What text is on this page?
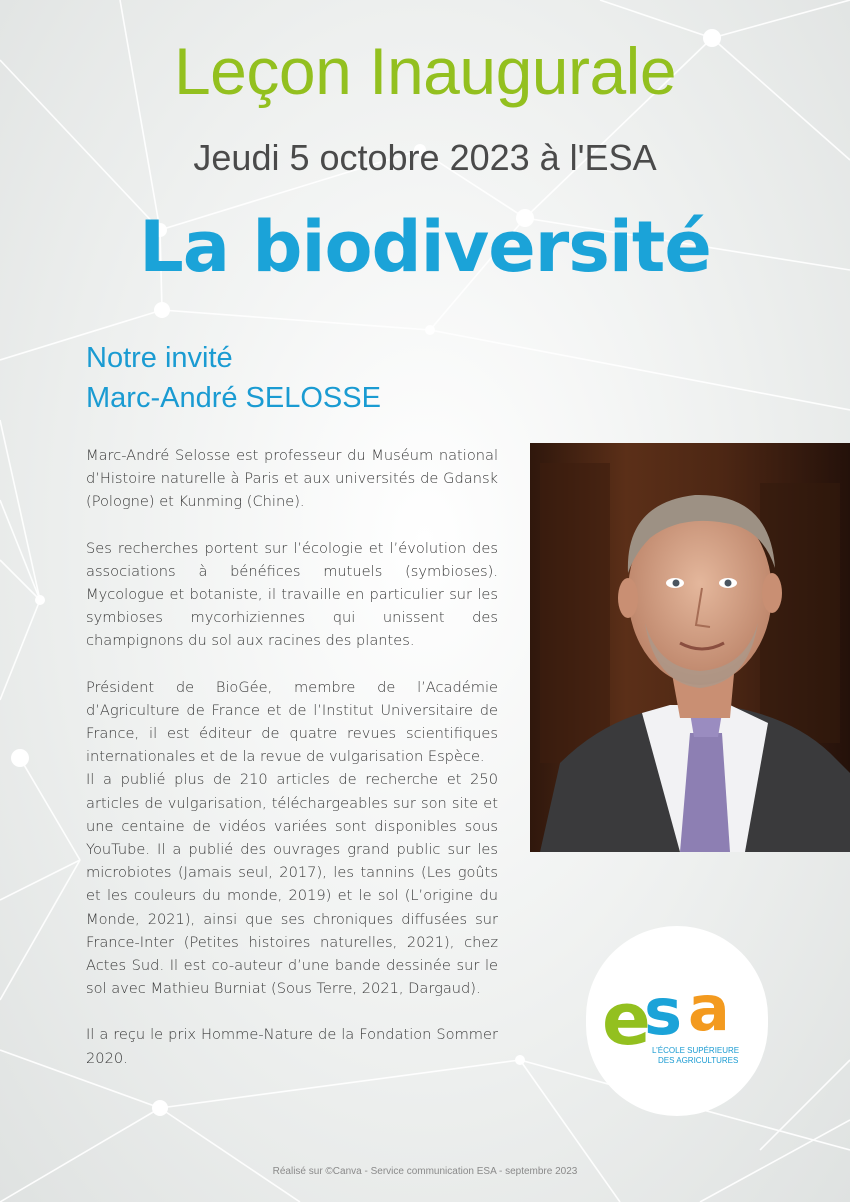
Leçon Inaugurale
Jeudi 5 octobre 2023 à l'ESA
La biodiversité
Notre invité
Marc-André SELOSSE

Marc-André Selosse est professeur du Muséum national d’Histoire naturelle à Paris et aux universités de Gdansk (Pologne) et Kunming (Chine).

Ses recherches portent sur l’écologie et l’évolution des associations à bénéfices mutuels (symbioses). Mycologue et botaniste, il travaille en particulier sur les symbioses mycorhiziennes qui unissent des champignons du sol aux racines des plantes.

Président de BioGée, membre de l’Académie d’Agriculture de France et de l’Institut Universitaire de France, il est éditeur de quatre revues scientifiques internationales et de la revue de vulgarisation Espèce.

Il a publié plus de 210 articles de recherche et 250 articles de vulgarisation, téléchargeables sur son site et une centaine de vidéos variées sont disponibles sous YouTube. Il a publié des ouvrages grand public sur les microbiotes (Jamais seul, 2017), les tannins (Les goûts et les couleurs du monde, 2019) et le sol (L’origine du Monde, 2021), ainsi que ses chroniques diffusées sur France-Inter (Petites histoires naturelles, 2021), chez Actes Sud. Il est co-auteur d’une bande dessinée sur le sol avec Mathieu Burniat (Sous Terre, 2021, Dargaud).

Il a reçu le prix Homme-Nature de la Fondation Sommer 2020.	e
s a
L’ÉCOLE SUPÉRIEURE
DES AGRICULTURES
Réalisé sur ©Canva - Service communication ESA - septembre 2023
